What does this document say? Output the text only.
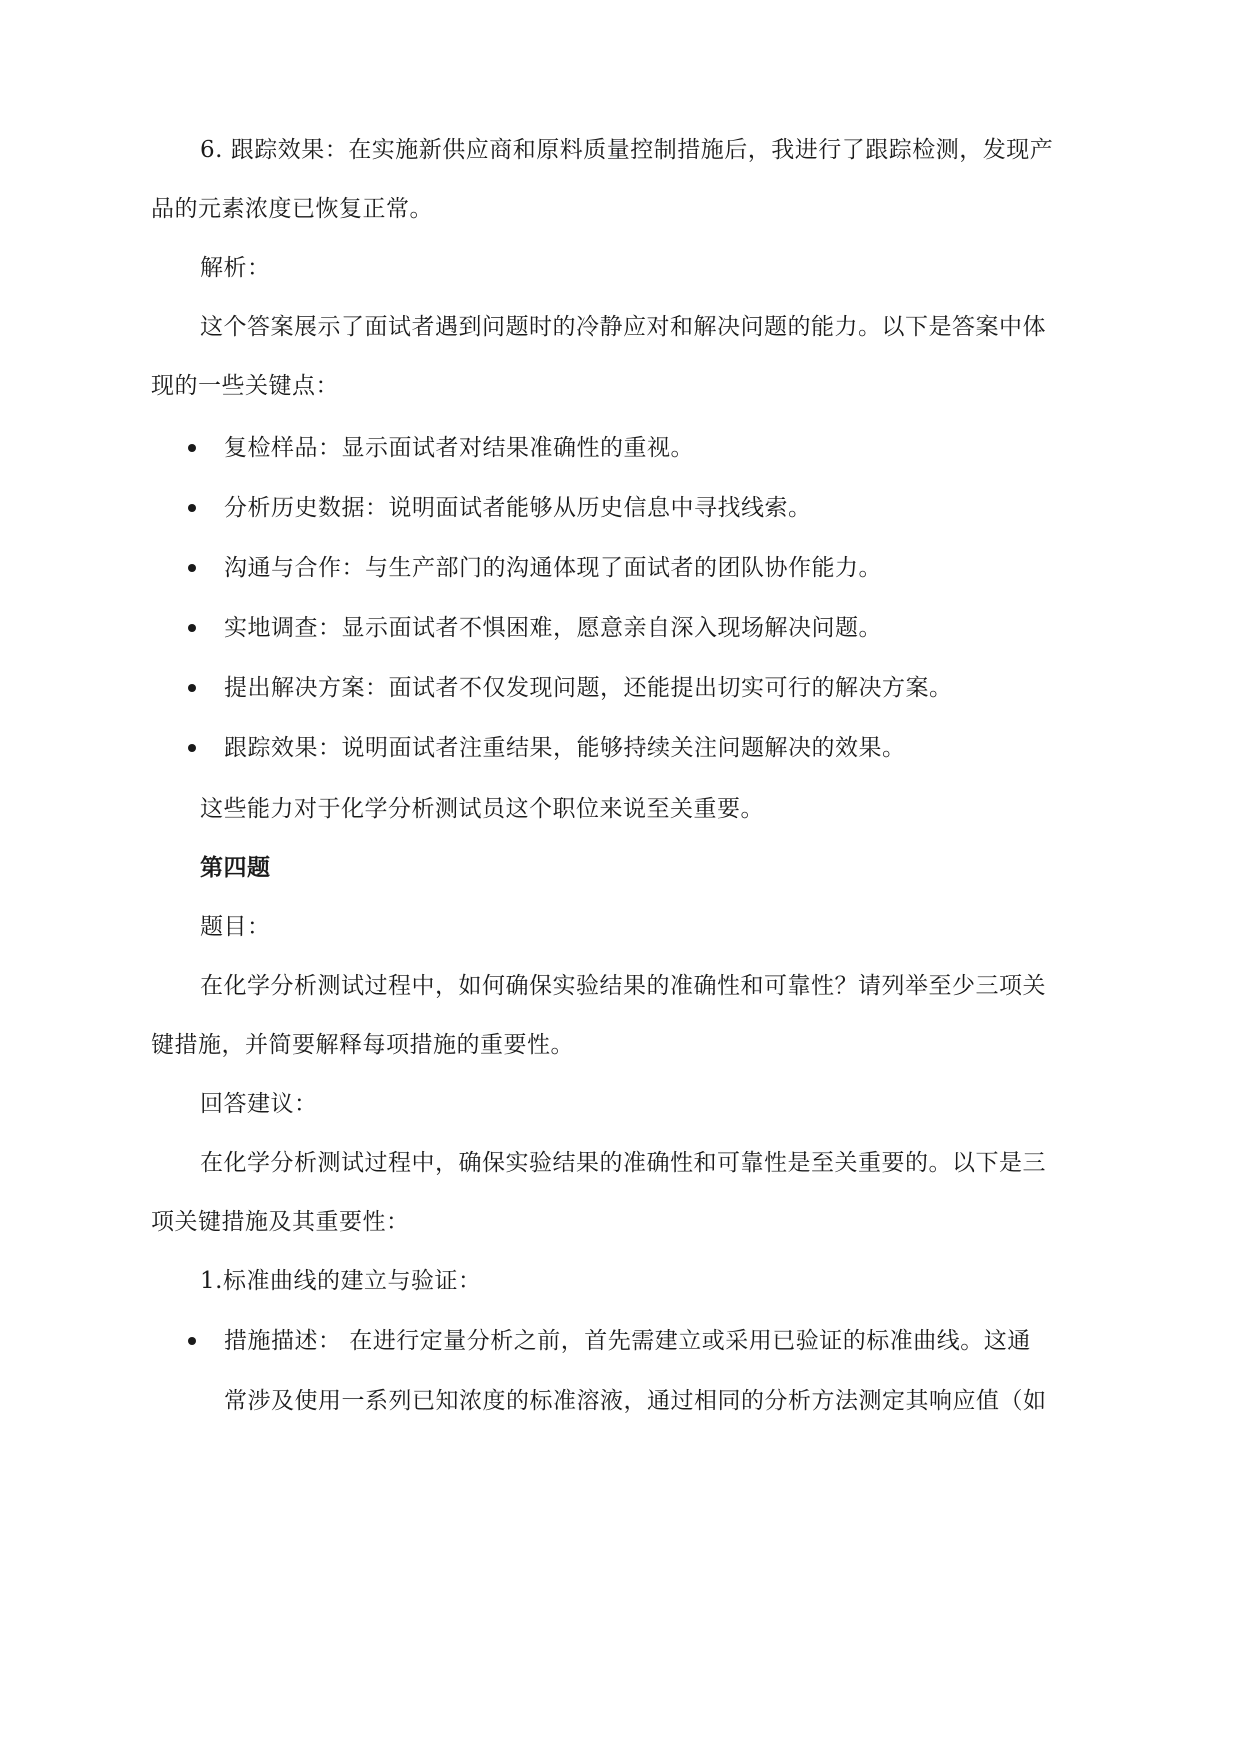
6. 跟踪效果：在实施新供应商和原料质量控制措施后，我进行了跟踪检测，发现产
品的元素浓度已恢复正常。
解析：
这个答案展示了面试者遇到问题时的冷静应对和解决问题的能力。以下是答案中体
现的一些关键点：
复检样品：显示面试者对结果准确性的重视。
分析历史数据：说明面试者能够从历史信息中寻找线索。
沟通与合作：与生产部门的沟通体现了面试者的团队协作能力。
实地调查：显示面试者不惧困难，愿意亲自深入现场解决问题。
提出解决方案：面试者不仅发现问题，还能提出切实可行的解决方案。
跟踪效果：说明面试者注重结果，能够持续关注问题解决的效果。
这些能力对于化学分析测试员这个职位来说至关重要。
第四题
题目：
在化学分析测试过程中，如何确保实验结果的准确性和可靠性？请列举至少三项关
键措施，并简要解释每项措施的重要性。
回答建议：
在化学分析测试过程中，确保实验结果的准确性和可靠性是至关重要的。以下是三
项关键措施及其重要性：
1.标准曲线的建立与验证：
措施描述： 在进行定量分析之前，首先需建立或采用已验证的标准曲线。这通
常涉及使用一系列已知浓度的标准溶液，通过相同的分析方法测定其响应值（如
